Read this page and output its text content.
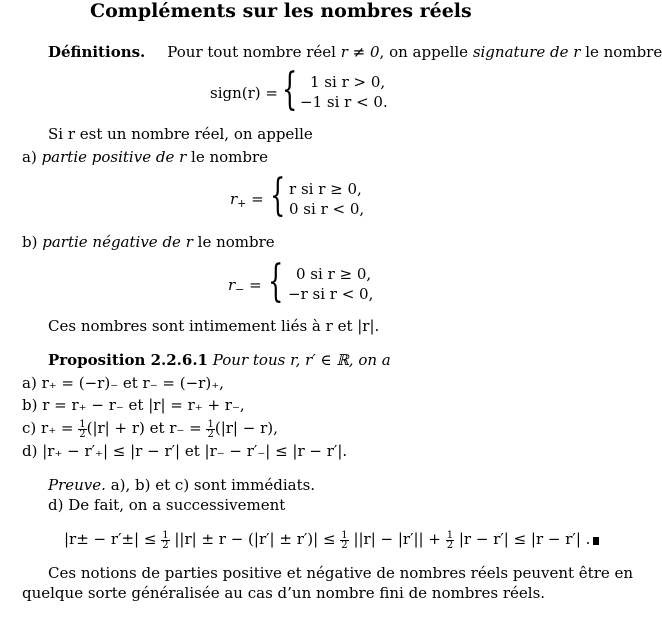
Compléments sur les nombres réels
Définitions. Pour tout nombre réel r ≠ 0, on appelle signature de r le nombre
sign(r) = { 1 si r > 0,
−1 si r < 0.
Si r est un nombre réel, on appelle
a) partie positive de r le nombre
$r_+$ = { r si r ≥ 0,
0 si r < 0,
b) partie négative de r le nombre
$r_-$ = { 0 si r ≥ 0,
−r si r < 0,
Ces nombres sont intimement liés à r et |r|.
Proposition 2.2.6.1 Pour tous r, r′ ∈ ℝ, on a
a) r₊ = (−r)₋ et r₋ = (−r)₊,
b) r = r₊ − r₋ et |r| = r₊ + r₋,
c) $r_+ = \frac{1}{2} (|r| + r)$ et $r_- = \frac{1}{2} (|r| - r)$,
d) |r₊ − r′₊| ≤ |r − r′| et |r₋ − r′₋| ≤ |r − r′|.
Preuve. a), b) et c) sont immédiats.
d) De fait, on a successivement
$|r\pm - r'\pm| \le \frac{1}{2} ||r| \pm r - (|r'| \pm r')| \le \frac{1}{2} ||r| - |r'|| + \frac{1}{2} |r - r'| \le |r - r'|$ .
Ces notions de parties positive et négative de nombres réels peuvent être en
quelque sorte généralisée au cas d’un nombre fini de nombres réels.
